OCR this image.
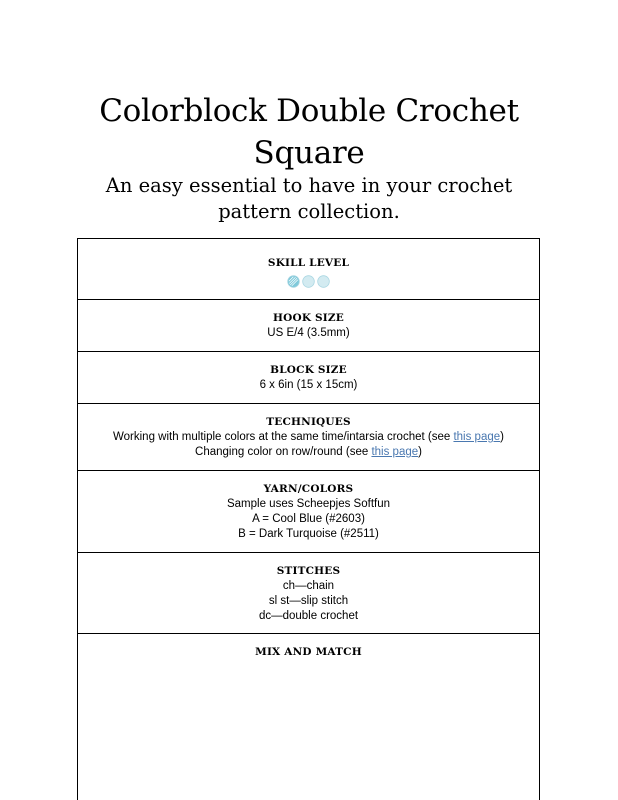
Colorblock Double Crochet
Square
An easy essential to have in your crochet
pattern collection.
SKILL LEVEL
HOOK SIZE
US E/4 (3.5mm)
BLOCK SIZE
6 x 6in (15 x 15cm)
TECHNIQUES
Working with multiple colors at the same time/intarsia crochet (see this page)
Changing color on row/round (see this page)
YARN/COLORS
Sample uses Scheepjes Softfun
A = Cool Blue (#2603)
B = Dark Turquoise (#2511)
STITCHES
ch—chain
sl st—slip stitch
dc—double crochet
MIX AND MATCH
